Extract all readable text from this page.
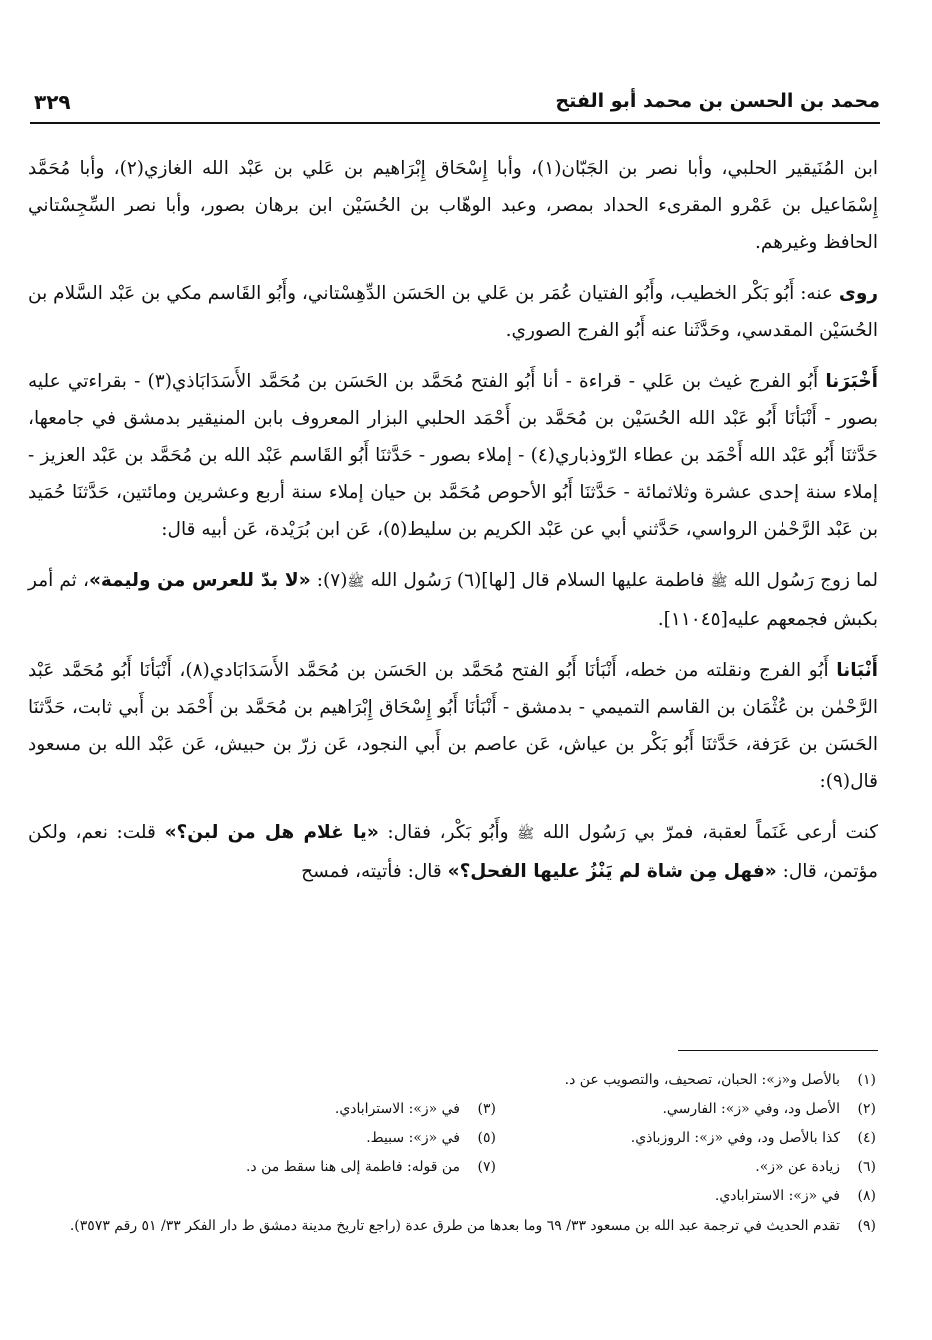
محمد بن الحسن بن محمد أبو الفتح
٣٢٩

ابن المُنَيقير الحلبي، وأبا نصر بن الجَبّان(١)، وأبا إِسْحَاق إِبْرَاهيم بن عَلي بن عَبْد الله الغازي(٢)، وأبا مُحَمَّد إِسْمَاعيل بن عَمْرو المقرىء الحداد بمصر، وعبد الوهّاب بن الحُسَيْن ابن برهان بصور، وأبا نصر السِّجِسْتاني الحافظ وغيرهم.

روى عنه: أَبُو بَكْر الخطيب، وأَبُو الفتيان عُمَر بن عَلي بن الحَسَن الدِّهِسْتاني، وأَبُو القَاسم مكي بن عَبْد السَّلام بن الحُسَيْن المقدسي، وحَدَّثَنا عنه أَبُو الفرج الصوري.

أَخْبَرَنا أَبُو الفرج غيث بن عَلي - قراءة - أنا أَبُو الفتح مُحَمَّد بن الحَسَن بن مُحَمَّد الأَسَدَابَاذي(٣) - بقراءتي عليه بصور - أَنْبَأنَا أَبُو عَبْد الله الحُسَيْن بن مُحَمَّد بن أَحْمَد الحلبي البزار المعروف بابن المنيقير بدمشق في جامعها، حَدَّثنَا أَبُو عَبْد الله أَحْمَد بن عطاء الرّوذباري(٤) - إملاء بصور - حَدَّثنَا أَبُو القَاسم عَبْد الله بن مُحَمَّد بن عَبْد العزيز - إملاء سنة إحدى عشرة وثلاثمائة - حَدَّثنَا أَبُو الأحوص مُحَمَّد بن حيان إملاء سنة أربع وعشرين ومائتين، حَدَّثنَا حُمَيد بن عَبْد الرَّحْمٰن الرواسي، حَدَّثني أبي عن عَبْد الكريم بن سليط(٥)، عَن ابن بُرَيْدة، عَن أبيه قال:

لما زوج رَسُول الله ﷺ فاطمة عليها السلام قال [لها](٦) رَسُول الله ﷺ(٧): «لا بدّ للعرس من وليمة»، ثم أمر بكبش فجمعهم عليه[١١٠٤٥].

أَنْبَانا أَبُو الفرج ونقلته من خطه، أَنْبَأنَا أَبُو الفتح مُحَمَّد بن الحَسَن بن مُحَمَّد الأَسَدَابَادي(٨)، أَنْبَأنَا أَبُو مُحَمَّد عَبْد الرَّحْمٰن بن عُثْمَان بن القاسم التميمي - بدمشق - أَنْبَأنَا أَبُو إِسْحَاق إِبْرَاهيم بن مُحَمَّد بن أَحْمَد بن أَبي ثابت، حَدَّثنَا الحَسَن بن عَرَفة، حَدَّثنَا أَبُو بَكْر بن عياش، عَن عاصم بن أَبي النجود، عَن زرّ بن حبيش، عَن عَبْد الله بن مسعود قال(٩):

كنت أرعى غَنَماً لعقبة، فمرّ بي رَسُول الله ﷺ وأَبُو بَكْر، فقال: «يا غلام هل من لبن؟» قلت: نعم، ولكن مؤتمن، قال: «فهل مِن شاة لم يَنْزُ عليها الفحل؟» قال: فأتيته، فمسح

(١)
بالأصل و«ز»: الحبان، تصحيف، والتصويب عن د.
(٢)
الأصل ود، وفي «ز»: الفارسي.
(٣)
في «ز»: الاسترابادي.
(٤)
كذا بالأصل ود، وفي «ز»: الروزباذي.
(٥)
في «ز»: سبيط.
(٦)
زيادة عن «ز».
(٧)
من قوله: فاطمة إلى هنا سقط من د.
(٨)
في «ز»: الاسترابادي.
(٩)
تقدم الحديث في ترجمة عبد الله بن مسعود ٣٣/ ٦٩ وما بعدها من طرق عدة (راجع تاريخ مدينة دمشق ط دار الفكر ٣٣/ ٥١ رقم ٣٥٧٣).
